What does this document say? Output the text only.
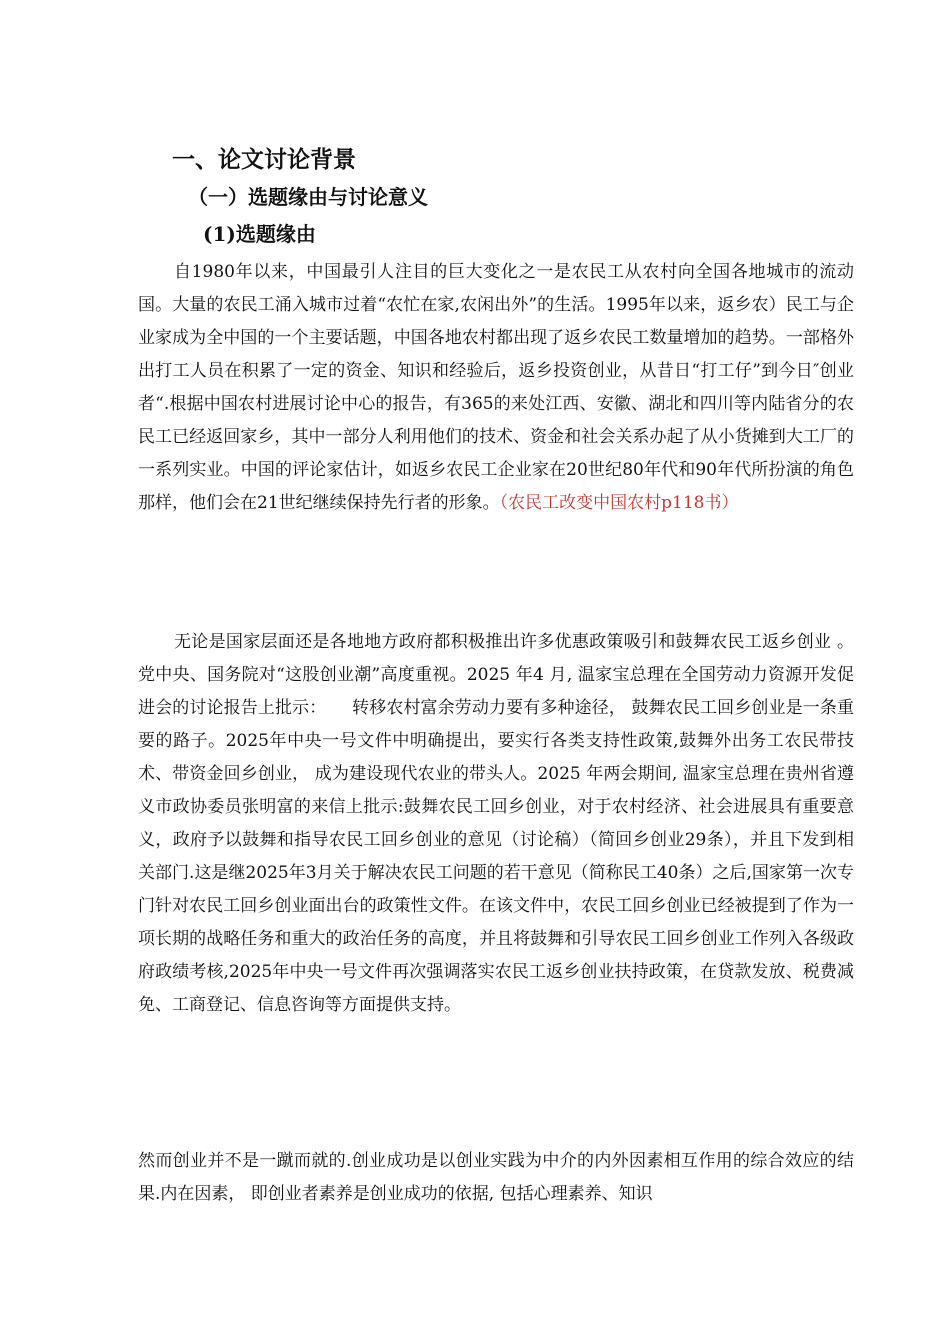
一、论文讨论背景
（一）选题缘由与讨论意义
(1)选题缘由

自1980年以来，中国最引人注目的巨大变化之一是农民工从农村向全国各地城市的流动国。大量的农民工涌入城市过着“农忙在家,农闲出外”的生活。1995年以来，返乡农）民工与企业家成为全中国的一个主要话题，中国各地农村都出现了返乡农民工数量增加的趋势。一部格外出打工人员在积累了一定的资金、知识和经验后，返乡投资创业，从昔日“打工仔”到今日″创业者“.根据中国农村进展讨论中心的报告，有365的来处江西、安徽、湖北和四川等内陆省分的农民工已经返回家乡，其中一部分人利用他们的技术、资金和社会关系办起了从小货摊到大工厂的一系列实业。中国的评论家估计，如返乡农民工企业家在20世纪80年代和90年代所扮演的角色那样，他们会在21世纪继续保持先行者的形象。（农民工改变中国农村p118书）

无论是国家层面还是各地地方政府都积极推出许多优惠政策吸引和鼓舞农民工返乡创业 。党中央、国务院对“这股创业潮”高度重视。2025 年4 月, 温家宝总理在全国劳动力资源开发促进会的讨论报告上批示：　　转移农村富余劳动力要有多种途径， 鼓舞农民工回乡创业是一条重要的路子。2025年中央一号文件中明确提出，要实行各类支持性政策,鼓舞外出务工农民带技术、带资金回乡创业， 成为建设现代农业的带头人。2025 年两会期间, 温家宝总理在贵州省遵义市政协委员张明富的来信上批示:鼓舞农民工回乡创业，对于农村经济、社会进展具有重要意义，政府予以鼓舞和指导农民工回乡创业的意见（讨论稿）（简回乡创业29条），并且下发到相关部门.这是继2025年3月关于解决农民工问题的若干意见（简称民工40条）之后,国家第一次专门针对农民工回乡创业面出台的政策性文件。在该文件中，农民工回乡创业已经被提到了作为一项长期的战略任务和重大的政治任务的高度，并且将鼓舞和引导农民工回乡创业工作列入各级政府政绩考核,2025年中央一号文件再次强调落实农民工返乡创业扶持政策，在贷款发放、税费减免、工商登记、信息咨询等方面提供支持。

然而创业并不是一蹴而就的.创业成功是以创业实践为中介的内外因素相互作用的综合效应的结果.内在因素， 即创业者素养是创业成功的依据, 包括心理素养、知识
